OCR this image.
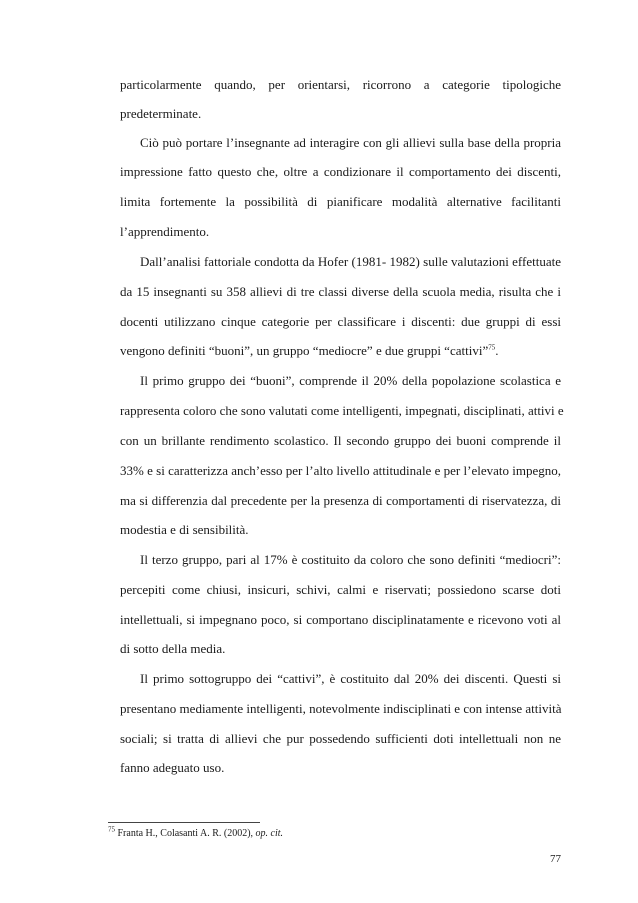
particolarmente quando, per orientarsi, ricorrono a categorie tipologiche
predeterminate.
Ciò può portare l’insegnante ad interagire con gli allievi sulla base della propria
impressione fatto questo che, oltre a condizionare il comportamento dei discenti,
limita fortemente la possibilità di pianificare modalità alternative facilitanti
l’apprendimento.
Dall’analisi fattoriale condotta da Hofer (1981- 1982) sulle valutazioni effettuate
da 15 insegnanti su 358 allievi di tre classi diverse della scuola media, risulta che i
docenti utilizzano cinque categorie per classificare i discenti: due gruppi di essi
vengono definiti “buoni”, un gruppo “mediocre” e due gruppi “cattivi”$^{75}$.
Il primo gruppo dei “buoni”, comprende il 20% della popolazione scolastica e
rappresenta coloro che sono valutati come intelligenti, impegnati, disciplinati, attivi e
con un brillante rendimento scolastico. Il secondo gruppo dei buoni comprende il
33% e si caratterizza anch’esso per l’alto livello attitudinale e per l’elevato impegno,
ma si differenzia dal precedente per la presenza di comportamenti di riservatezza, di
modestia e di sensibilità.
Il terzo gruppo, pari al 17% è costituito da coloro che sono definiti “mediocri”:
percepiti come chiusi, insicuri, schivi, calmi e riservati; possiedono scarse doti
intellettuali, si impegnano poco, si comportano disciplinatamente e ricevono voti al
di sotto della media.
Il primo sottogruppo dei “cattivi”, è costituito dal 20% dei discenti. Questi si
presentano mediamente intelligenti, notevolmente indisciplinati e con intense attività
sociali; si tratta di allievi che pur possedendo sufficienti doti intellettuali non ne
fanno adeguato uso.
$^{75}$ Franta H., Colasanti A. R. (2002), op. cit.
77
